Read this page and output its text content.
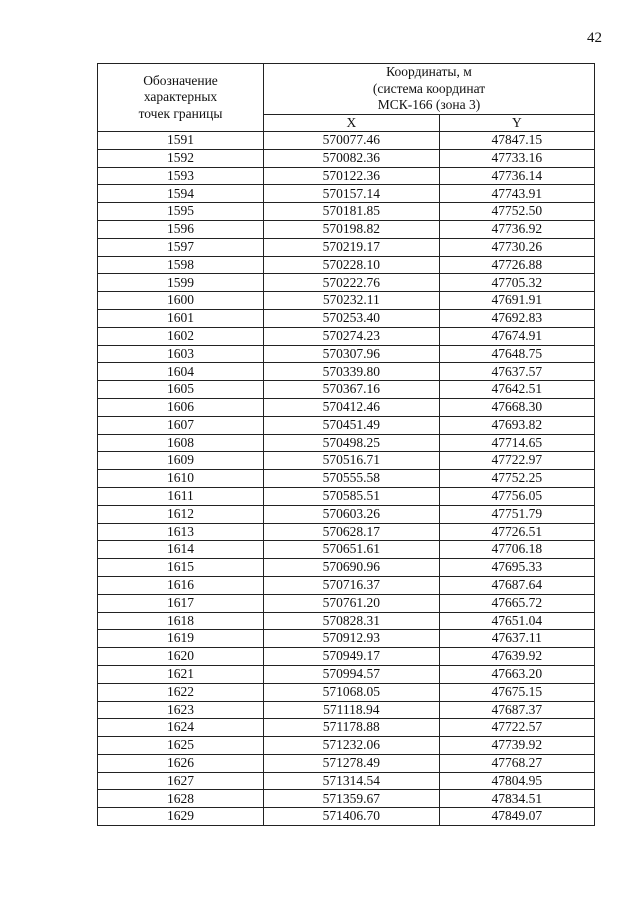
42
Обозначение
характерных
точек границы	Координаты, м
(система координат
МСК-166 (зона 3)	

	X	Y
1591	570077.46	47847.15
1592	570082.36	47733.16
1593	570122.36	47736.14
1594	570157.14	47743.91
1595	570181.85	47752.50
1596	570198.82	47736.92
1597	570219.17	47730.26
1598	570228.10	47726.88
1599	570222.76	47705.32
1600	570232.11	47691.91
1601	570253.40	47692.83
1602	570274.23	47674.91
1603	570307.96	47648.75
1604	570339.80	47637.57
1605	570367.16	47642.51
1606	570412.46	47668.30
1607	570451.49	47693.82
1608	570498.25	47714.65
1609	570516.71	47722.97
1610	570555.58	47752.25
1611	570585.51	47756.05
1612	570603.26	47751.79
1613	570628.17	47726.51
1614	570651.61	47706.18
1615	570690.96	47695.33
1616	570716.37	47687.64
1617	570761.20	47665.72
1618	570828.31	47651.04
1619	570912.93	47637.11
1620	570949.17	47639.92
1621	570994.57	47663.20
1622	571068.05	47675.15
1623	571118.94	47687.37
1624	571178.88	47722.57
1625	571232.06	47739.92
1626	571278.49	47768.27
1627	571314.54	47804.95
1628	571359.67	47834.51
1629	571406.70	47849.07
